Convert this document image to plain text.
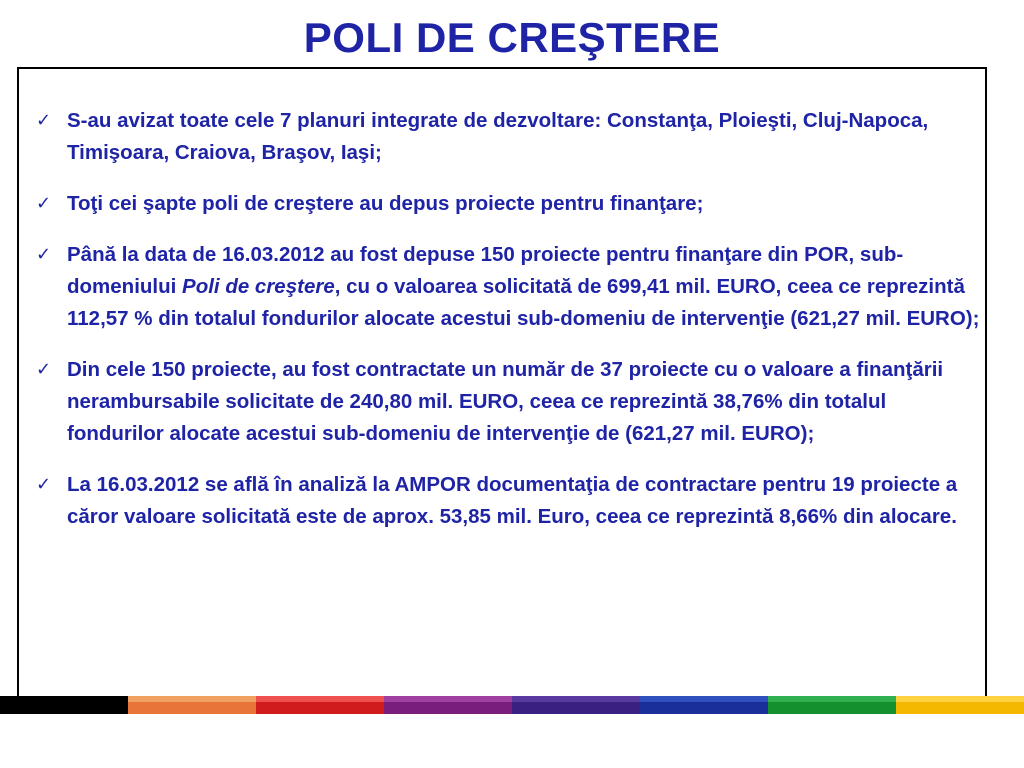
POLI DE CREŞTERE
✓ S-au avizat toate cele 7 planuri integrate de dezvoltare: Constanţa, Ploieşti, Cluj-Napoca, Timişoara, Craiova, Braşov, Iaşi;
✓ Toţi cei şapte poli de creştere au depus proiecte pentru finanţare;
✓ Până la data de 16.03.2012 au fost depuse 150 proiecte pentru finanţare din POR, sub-domeniului Poli de creştere, cu o valoarea solicitată de 699,41 mil. EURO, ceea ce reprezintă 112,57 % din totalul fondurilor alocate acestui sub-domeniu de intervenţie (621,27 mil. EURO);
✓ Din cele 150 proiecte, au fost contractate un număr de 37 proiecte cu o valoare a finanţării nerambursabile solicitate de 240,80 mil. EURO, ceea ce reprezintă 38,76% din totalul fondurilor alocate acestui sub-domeniu de intervenţie de (621,27 mil. EURO);
✓ La 16.03.2012 se află în analiză la AMPOR documentaţia de contractare pentru 19 proiecte a căror valoare solicitată este de aprox. 53,85 mil. Euro, ceea ce reprezintă 8,66% din alocare.
